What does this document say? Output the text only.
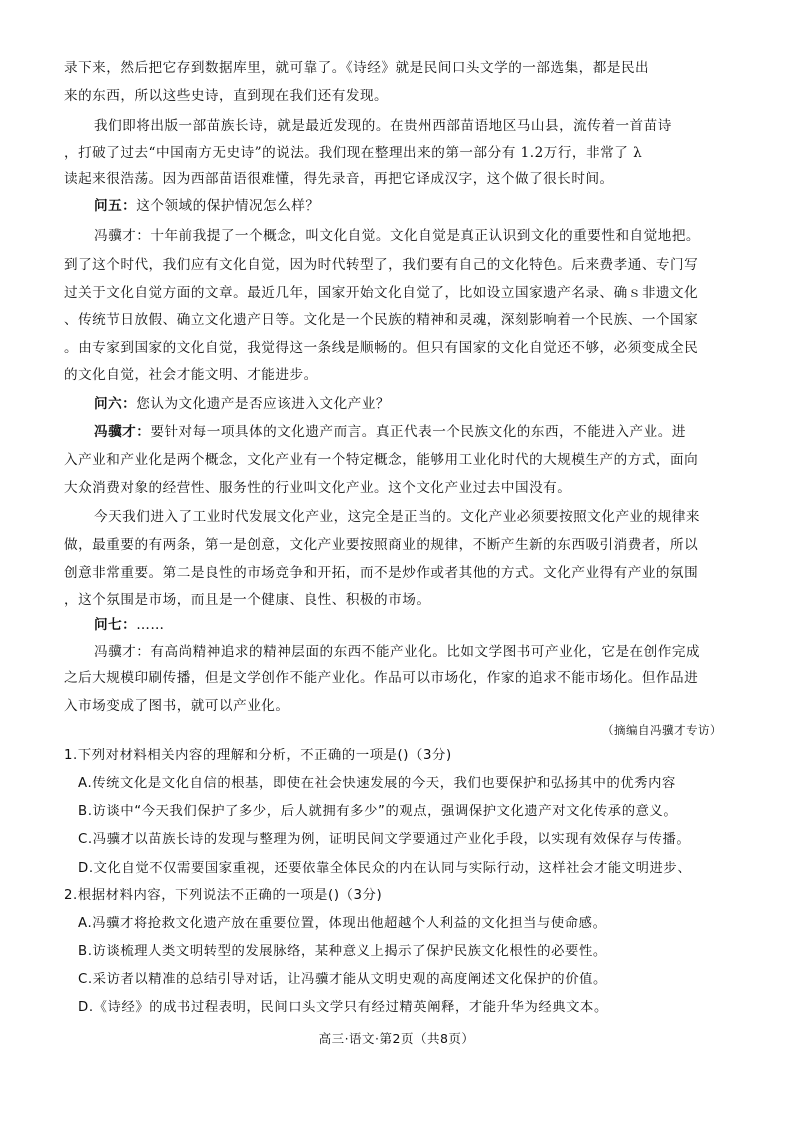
录下来，然后把它存到数据库里，就可靠了。《诗经》就是民间口头文学的一部选集，都是民出
来的东西，所以这些史诗，直到现在我们还有发现。
我们即将出版一部苗族长诗，就是最近发现的。在贵州西部苗语地区马山县，流传着一首苗诗
，打破了过去“中国南方无史诗”的说法。我们现在整理出来的第一部分有 1.2万行，非常了 λ
读起来很浩荡。因为西部苗语很难懂，得先录音，再把它译成汉字，这个做了很长时间。
问五：这个领域的保护情况怎么样？
冯骥才：十年前我提了一个概念，叫文化自觉。文化自觉是真正认识到文化的重要性和自觉地把。
到了这个时代，我们应有文化自觉，因为时代转型了，我们要有自己的文化特色。后来费孝通、专门写
过关于文化自觉方面的文章。最近几年，国家开始文化自觉了，比如设立国家遗产名录、确ｓ非遗文化
、传统节日放假、确立文化遗产日等。文化是一个民族的精神和灵魂，深刻影响着一个民族、一个国家
。由专家到国家的文化自觉，我觉得这一条线是顺畅的。但只有国家的文化自觉还不够，必须变成全民
的文化自觉，社会才能文明、才能进步。
问六：您认为文化遗产是否应该进入文化产业？
冯骥才：要针对每一项具体的文化遗产而言。真正代表一个民族文化的东西，不能进入产业。进
入产业和产业化是两个概念，文化产业有一个特定概念，能够用工业化时代的大规模生产的方式，面向
大众消费对象的经营性、服务性的行业叫文化产业。这个文化产业过去中国没有。
今天我们进入了工业时代发展文化产业，这完全是正当的。文化产业必须要按照文化产业的规律来
做，最重要的有两条，第一是创意，文化产业要按照商业的规律，不断产生新的东西吸引消费者，所以
创意非常重要。第二是良性的市场竞争和开拓，而不是炒作或者其他的方式。文化产业得有产业的氛围
，这个氛围是市场，而且是一个健康、良性、积极的市场。
问七：……
冯骥才：有高尚精神追求的精神层面的东西不能产业化。比如文学图书可产业化，它是在创作完成
之后大规模印刷传播，但是文学创作不能产业化。作品可以市场化，作家的追求不能市场化。但作品进
入市场变成了图书，就可以产业化。
（摘编自冯骥才专访）
1.下列对材料相关内容的理解和分析，不正确的一项是()（3分)
A.传统文化是文化自信的根基，即使在社会快速发展的今天，我们也要保护和弘扬其中的优秀内容
B.访谈中“今天我们保护了多少，后人就拥有多少”的观点，强调保护文化遗产对文化传承的意义。
C.冯骥才以苗族长诗的发现与整理为例，证明民间文学要通过产业化手段，以实现有效保存与传播。
D.文化自觉不仅需要国家重视，还要依靠全体民众的内在认同与实际行动，这样社会才能文明进步、
2.根据材料内容，下列说法不正确的一项是()（3分)
A.冯骥才将抢救文化遗产放在重要位置，体现出他超越个人利益的文化担当与使命感。
B.访谈梳理人类文明转型的发展脉络，某种意义上揭示了保护民族文化根性的必要性。
C.采访者以精准的总结引导对话，让冯骥才能从文明史观的高度阐述文化保护的价值。
D.《诗经》的成书过程表明，民间口头文学只有经过精英阐释，才能升华为经典文本。
高三·语文·第2页（共8页）
